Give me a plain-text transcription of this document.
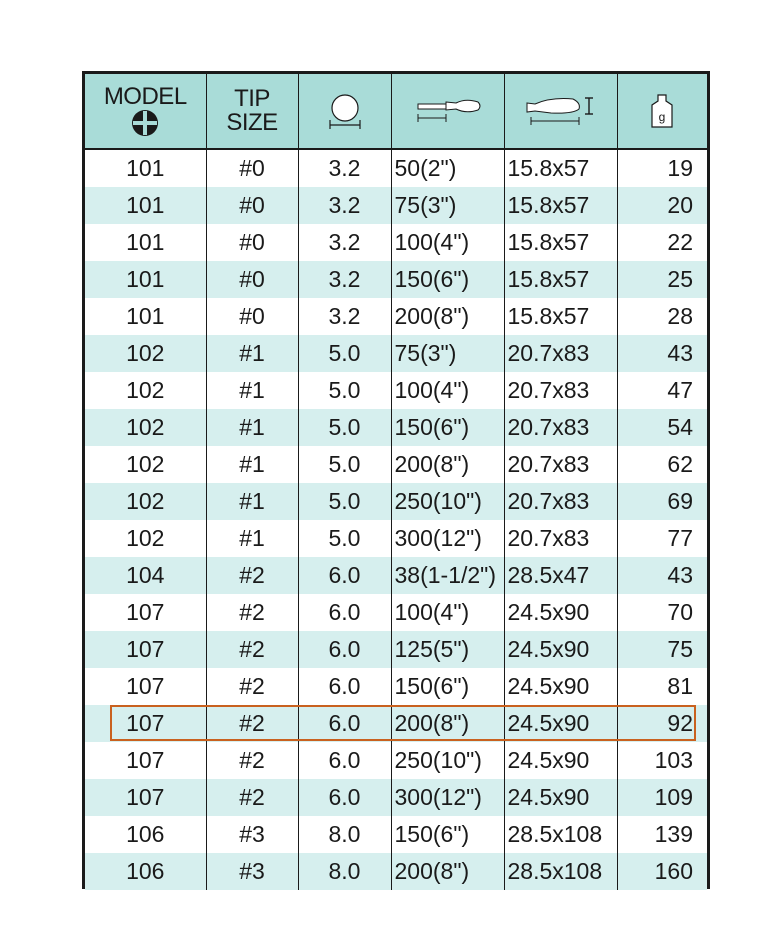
MODEL	TIP
SIZE				g

101	#0	3.2	50(2")	15.8x57	19
101	#0	3.2	75(3")	15.8x57	20
101	#0	3.2	100(4")	15.8x57	22
101	#0	3.2	150(6")	15.8x57	25
101	#0	3.2	200(8")	15.8x57	28
102	#1	5.0	75(3")	20.7x83	43
102	#1	5.0	100(4")	20.7x83	47
102	#1	5.0	150(6")	20.7x83	54
102	#1	5.0	200(8")	20.7x83	62
102	#1	5.0	250(10")	20.7x83	69
102	#1	5.0	300(12")	20.7x83	77
104	#2	6.0	38(1-1/2")	28.5x47	43
107	#2	6.0	100(4")	24.5x90	70
107	#2	6.0	125(5")	24.5x90	75
107	#2	6.0	150(6")	24.5x90	81
107	#2	6.0	200(8")	24.5x90	92
107	#2	6.0	250(10")	24.5x90	103
107	#2	6.0	300(12")	24.5x90	109
106	#3	8.0	150(6")	28.5x108	139
106	#3	8.0	200(8")	28.5x108	160
